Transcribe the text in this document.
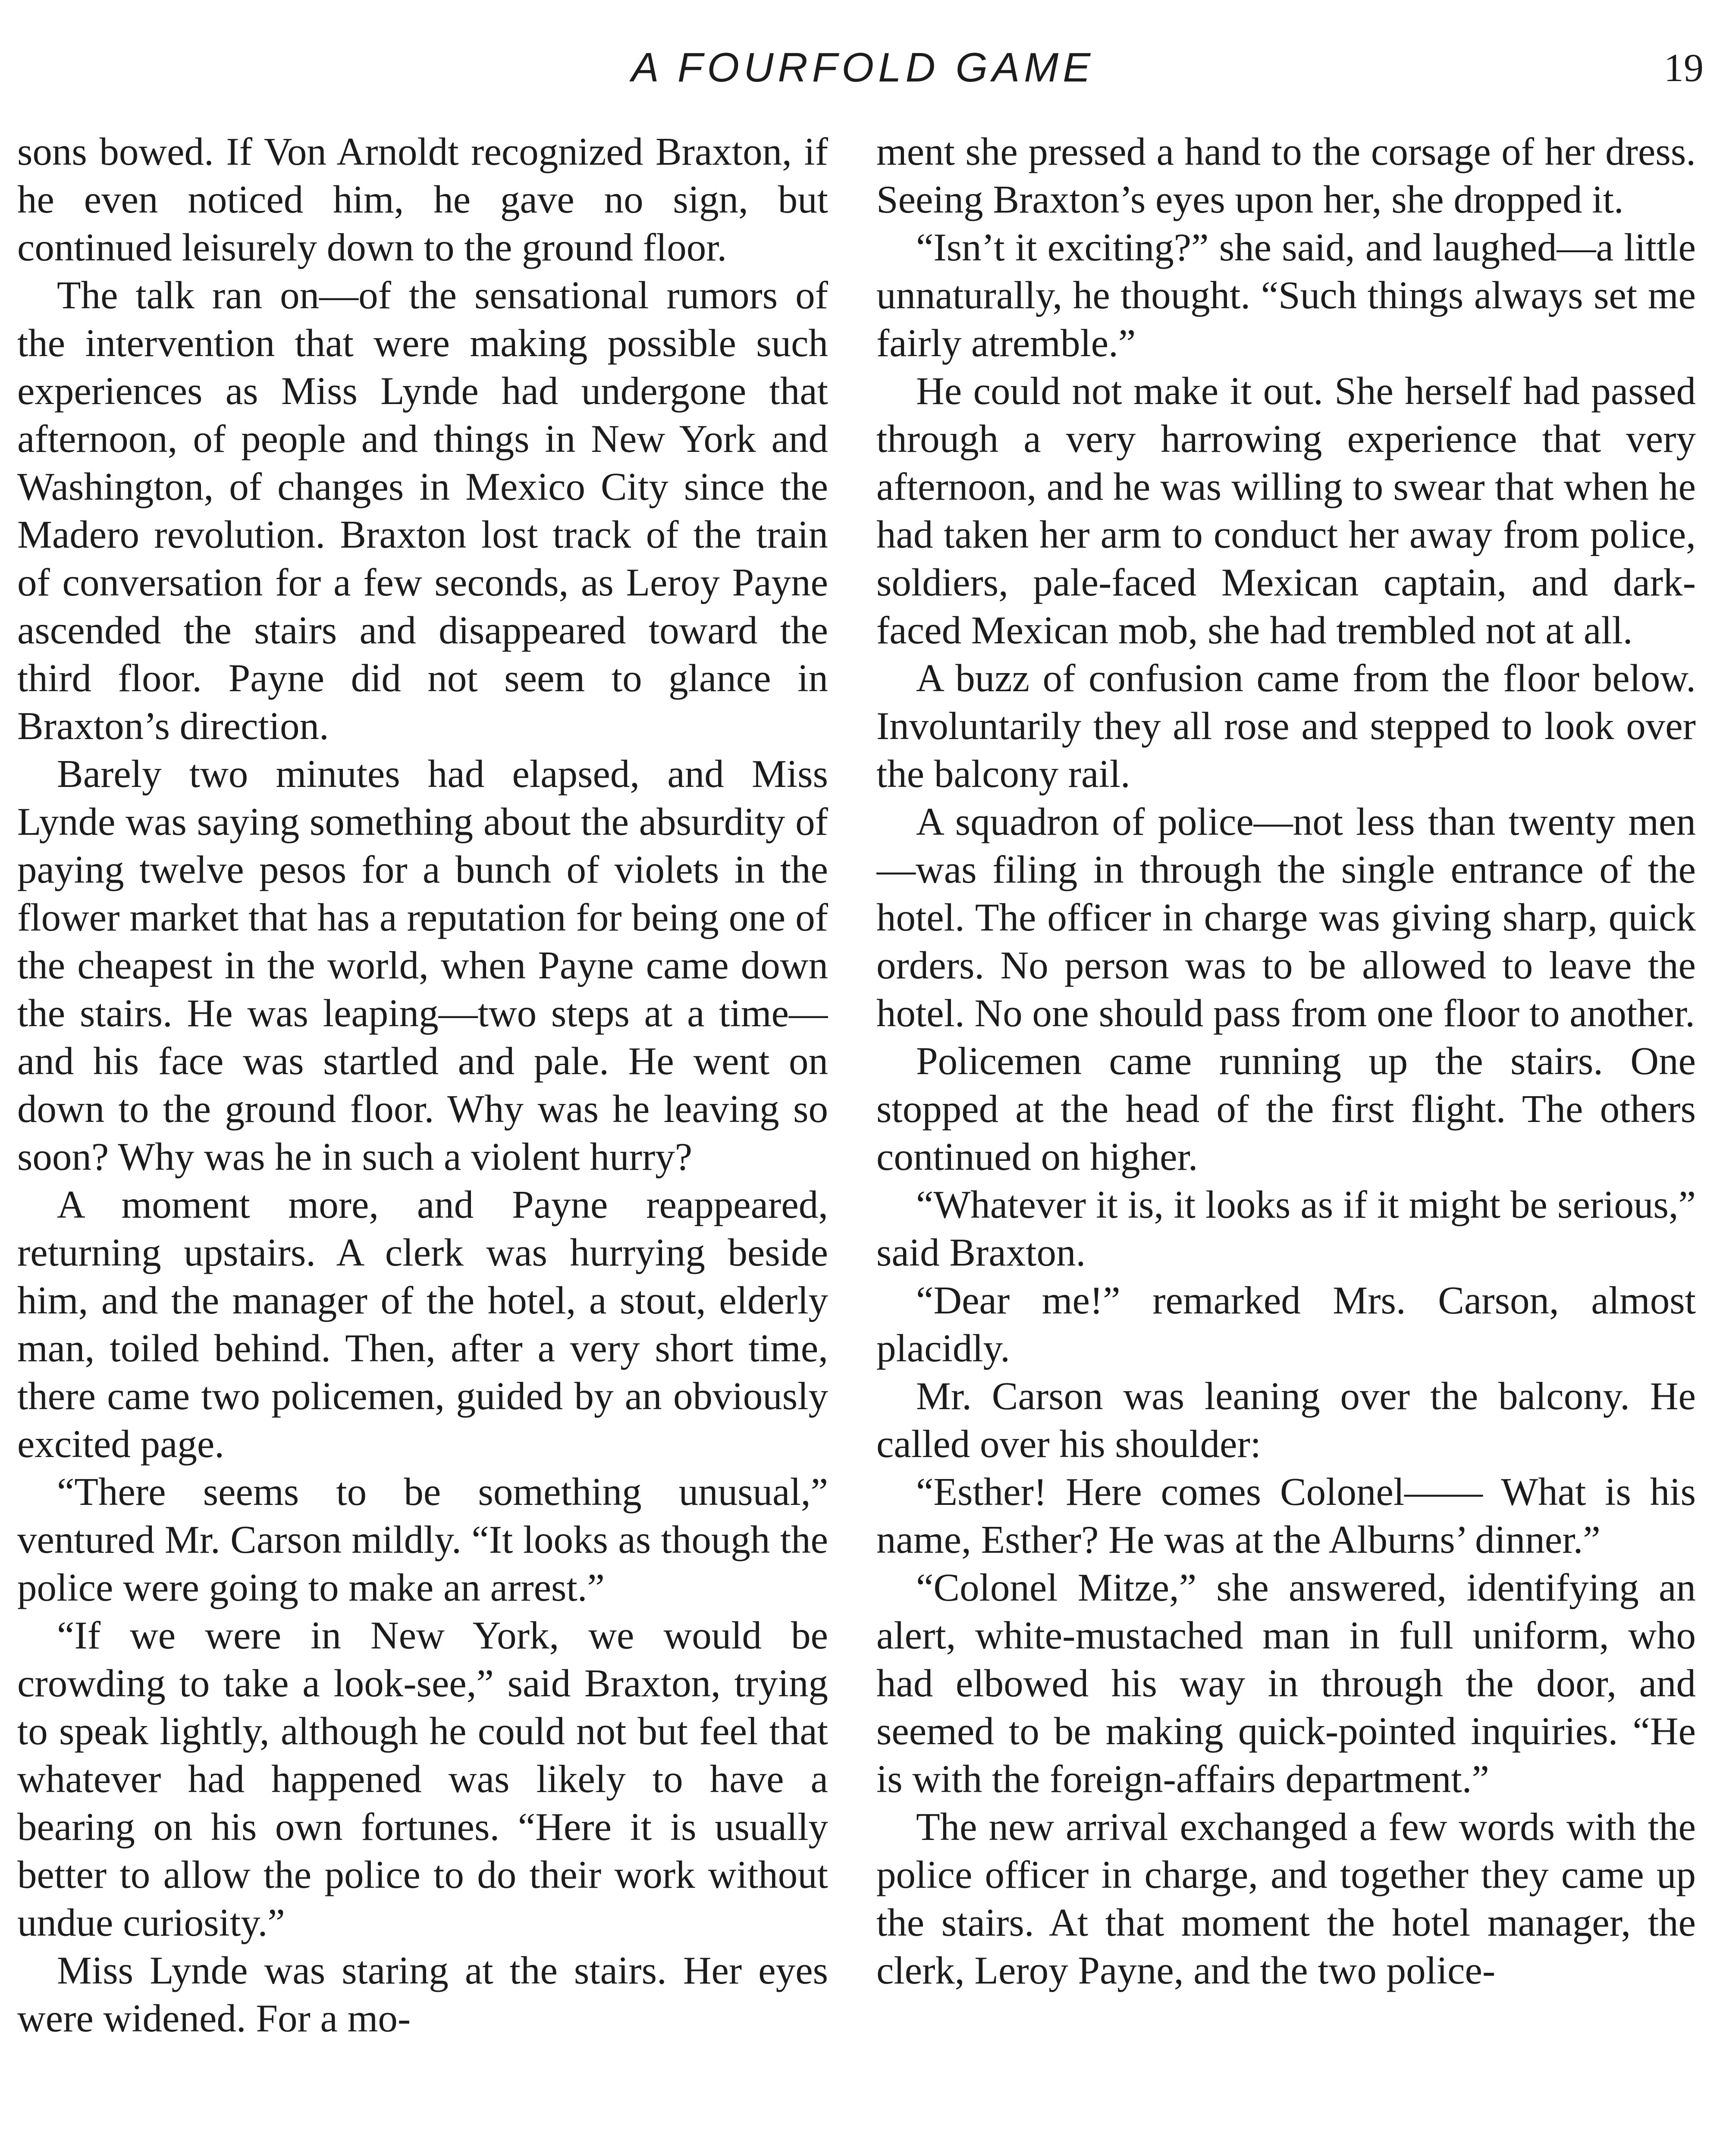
A FOURFOLD GAME	19

sons bowed. If Von Arnoldt recognized Braxton, if he even noticed him, he gave no sign, but continued leisurely down to the ground floor.

The talk ran on—of the sensational rumors of the intervention that were making possible such experiences as Miss Lynde had undergone that afternoon, of people and things in New York and Washington, of changes in Mexico City since the Madero revolution. Braxton lost track of the train of conversation for a few seconds, as Leroy Payne ascended the stairs and disappeared toward the third floor. Payne did not seem to glance in Braxton’s direction.

Barely two minutes had elapsed, and Miss Lynde was saying something about the absurdity of paying twelve pesos for a bunch of violets in the flower market that has a reputation for being one of the cheapest in the world, when Payne came down the stairs. He was leaping—two steps at a time—and his face was startled and pale. He went on down to the ground floor. Why was he leaving so soon? Why was he in such a violent hurry?

A moment more, and Payne reappeared, returning upstairs. A clerk was hurrying beside him, and the manager of the hotel, a stout, elderly man, toiled behind. Then, after a very short time, there came two policemen, guided by an obviously excited page.

“There seems to be something unusual,” ventured Mr. Carson mildly. “It looks as though the police were going to make an arrest.”

“If we were in New York, we would be crowding to take a look-see,” said Braxton, trying to speak lightly, although he could not but feel that whatever had happened was likely to have a bearing on his own fortunes. “Here it is usually better to allow the police to do their work without undue curiosity.”

Miss Lynde was staring at the stairs. Her eyes were widened. For a mo-

ment she pressed a hand to the corsage of her dress. Seeing Braxton’s eyes upon her, she dropped it.

“Isn’t it exciting?” she said, and laughed—a little unnaturally, he thought. “Such things always set me fairly atremble.”

He could not make it out. She herself had passed through a very harrowing experience that very afternoon, and he was willing to swear that when he had taken her arm to conduct her away from police, soldiers, pale-faced Mexican captain, and dark-faced Mexican mob, she had trembled not at all.

A buzz of confusion came from the floor below. Involuntarily they all rose and stepped to look over the balcony rail.

A squadron of police—not less than twenty men—was filing in through the single entrance of the hotel. The officer in charge was giving sharp, quick orders. No person was to be allowed to leave the hotel. No one should pass from one floor to another.

Policemen came running up the stairs. One stopped at the head of the first flight. The others continued on higher.

“Whatever it is, it looks as if it might be serious,” said Braxton.

“Dear me!” remarked Mrs. Carson, almost placidly.

Mr. Carson was leaning over the balcony. He called over his shoulder:

“Esther! Here comes Colonel—— What is his name, Esther? He was at the Alburns’ dinner.”

“Colonel Mitze,” she answered, identifying an alert, white-mustached man in full uniform, who had elbowed his way in through the door, and seemed to be making quick-pointed inquiries. “He is with the foreign-affairs department.”

The new arrival exchanged a few words with the police officer in charge, and together they came up the stairs. At that moment the hotel manager, the clerk, Leroy Payne, and the two police-
